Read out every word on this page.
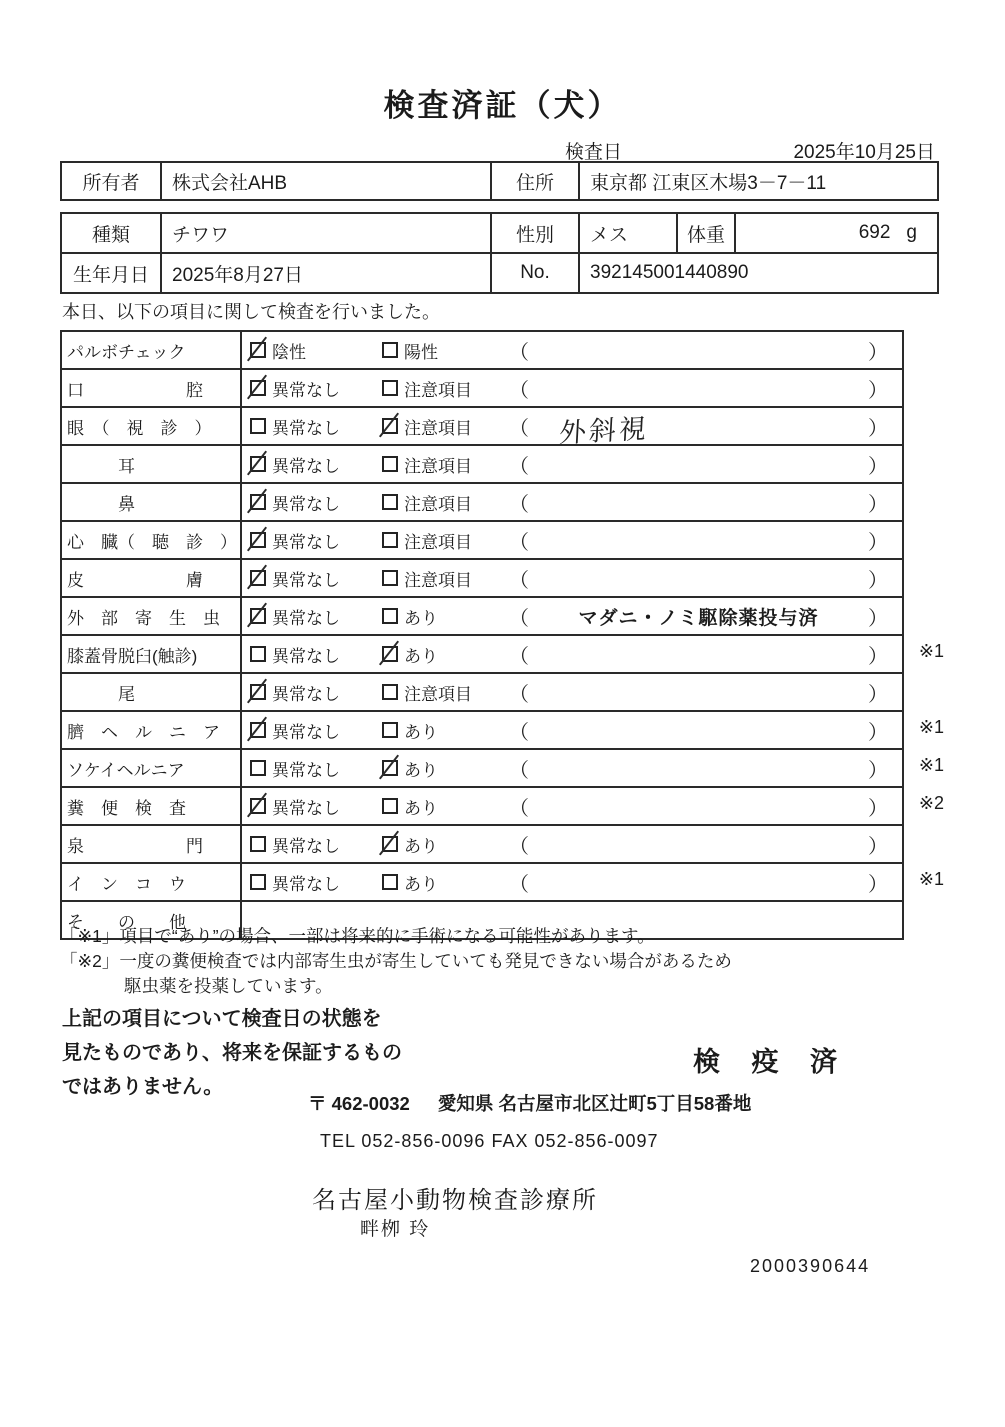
検査済証（犬）
検査日	2025年10月25日
所有者	株式会社AHB	住所	東京都 江東区木場3－7－11
種類	チワワ	性別	メス	体重	692 g
生年月日	2025年8月27日	No.	392145001440890
本日、以下の項目に関して検査を行いました。
パルボチェック	陰性	陽性	（	）
口　　　　　　腔	異常なし	注意項目 （	）
眼　（　視　診　）	異常なし	注意項目 （	外斜視	）
　　　耳	異常なし	注意項目 （	）
　　　鼻	異常なし	注意項目 （	）
心　臓（　聴　診　） 異常なし	注意項目 （	）
皮　　　　　　膚	異常なし	注意項目 （	）
外　部　寄　生　虫	異常なし	あり	（	マダニ・ノミ駆除薬投与済	）
膝蓋骨脱臼(触診)	異常なし	あり	（	） ※1
　　　尾	異常なし	注意項目 （	）
臍　ヘ　ル　ニ　ア	異常なし	あり	（	） ※1
ソケイヘルニア	異常なし	あり	（	） ※1
糞　便　検　査	異常なし	あり	（	） ※2
泉　　　　　　門	異常なし	あり	（	）
イ　ン　コ　ウ	異常なし	あり	（	） ※1
そ　　の　　他
「※1」項目で“あり”の場合、一部は将来的に手術になる可能性があります。
「※2」一度の糞便検査では内部寄生虫が寄生していても発見できない場合があるため
駆虫薬を投薬しています。
上記の項目について検査日の状態を
見たものであり、将来を保証するもの
ではありません。
検 疫 済
〒 462-0032 愛知県 名古屋市北区辻町5丁目58番地
TEL 052-856-0096 FAX 052-856-0097
名古屋小動物検査診療所
畔栁 玲
2000390644
